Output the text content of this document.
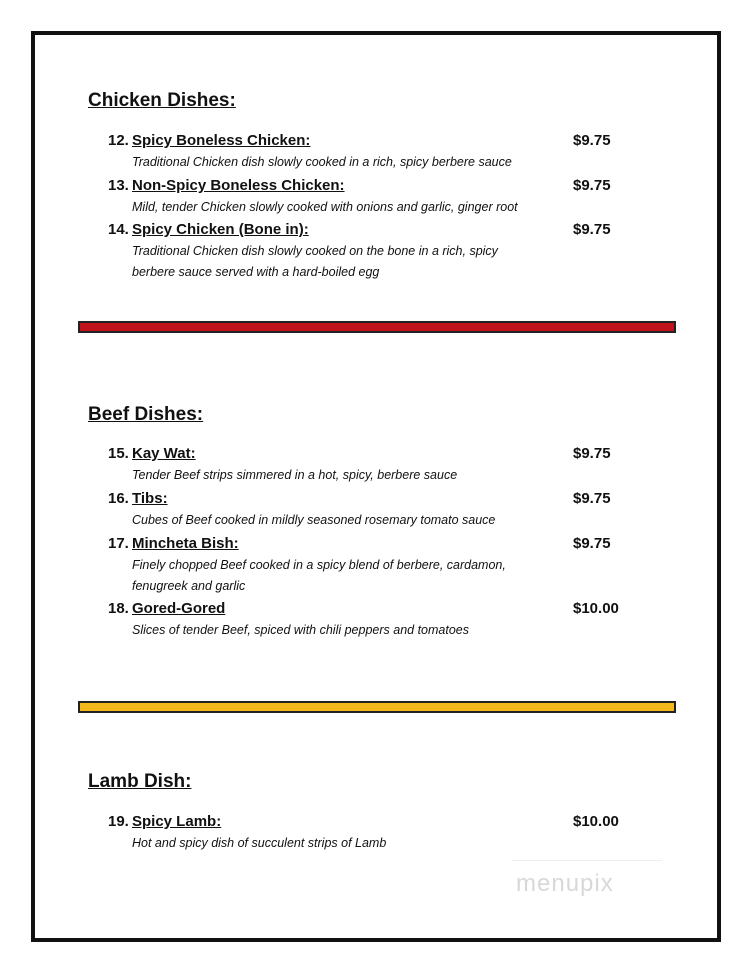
Chicken Dishes:
12. Spicy Boneless Chicken:	$9.75
Traditional Chicken dish slowly cooked in a rich, spicy berbere sauce
13. Non-Spicy Boneless Chicken:	$9.75
Mild, tender Chicken slowly cooked with onions and garlic, ginger root
14. Spicy Chicken (Bone in):	$9.75
Traditional Chicken dish slowly cooked on the bone in a rich, spicy
berbere sauce served with a hard-boiled egg
Beef Dishes:
15. Kay Wat:	$9.75
Tender Beef strips simmered in a hot, spicy, berbere sauce
16. Tibs:	$9.75
Cubes of Beef cooked in mildly seasoned rosemary tomato sauce
17. Mincheta Bish:	$9.75
Finely chopped Beef cooked in a spicy blend of berbere, cardamon,
fenugreek and garlic
18. Gored-Gored	$10.00
Slices of tender Beef, spiced with chili peppers and tomatoes
Lamb Dish:
19. Spicy Lamb:	$10.00
Hot and spicy dish of succulent strips of Lamb
menupix
